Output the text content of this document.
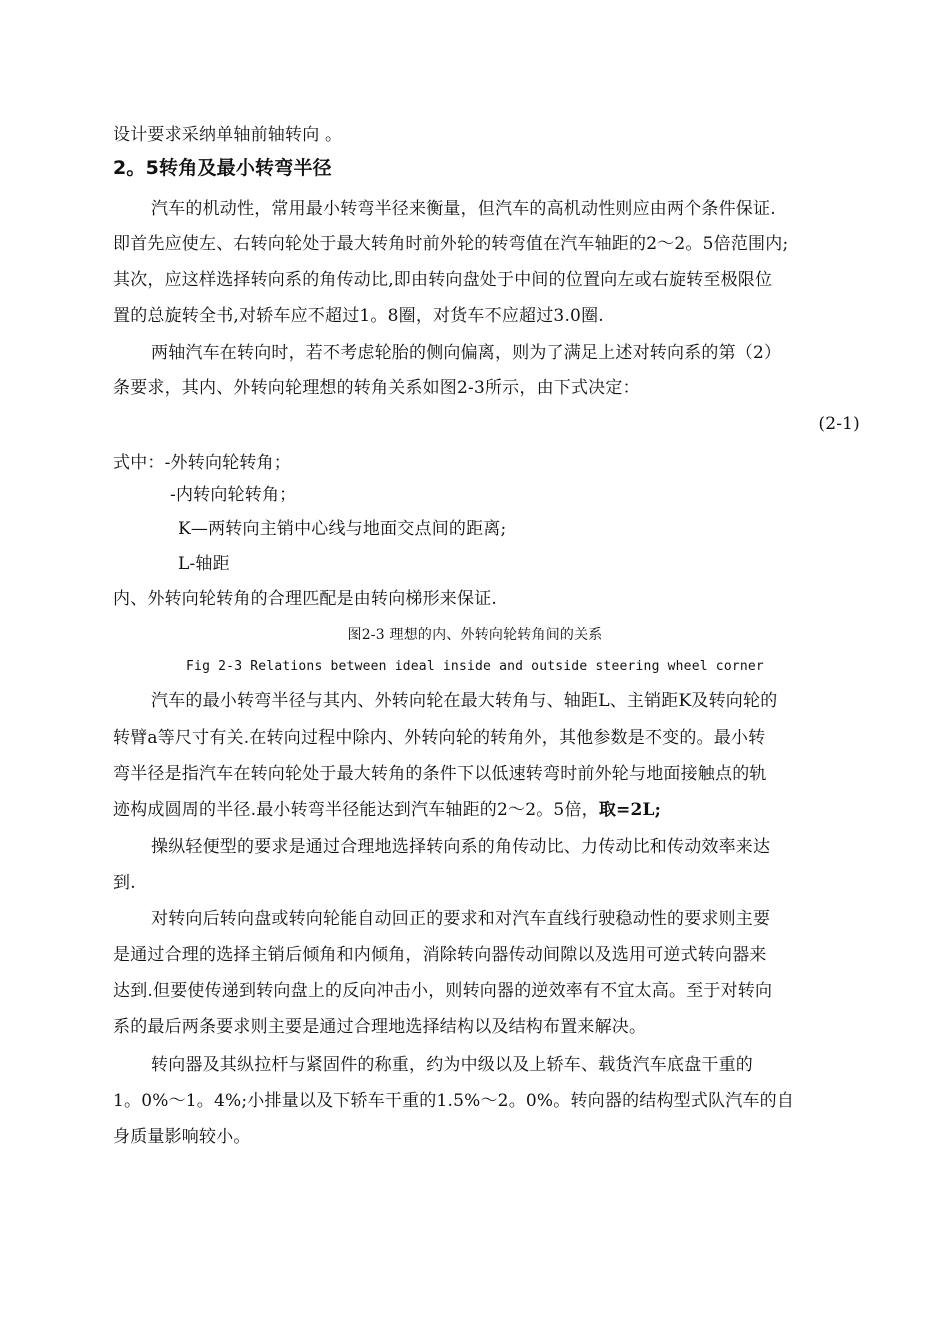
设计要求采纳单轴前轴转向 。
2。5转角及最小转弯半径
汽车的机动性，常用最小转弯半径来衡量，但汽车的高机动性则应由两个条件保证.
即首先应使左、右转向轮处于最大转角时前外轮的转弯值在汽车轴距的2～2。5倍范围内;
其次，应这样选择转向系的角传动比,即由转向盘处于中间的位置向左或右旋转至极限位
置的总旋转全书,对轿车应不超过1。8圈，对货车不应超过3.0圈.
两轴汽车在转向时，若不考虑轮胎的侧向偏离，则为了满足上述对转向系的第（2）
条要求，其内、外转向轮理想的转角关系如图2-3所示，由下式决定：
(2-1)
式中：-外转向轮转角；
-内转向轮转角；
K—两转向主销中心线与地面交点间的距离;
L-轴距
内、外转向轮转角的合理匹配是由转向梯形来保证.
图2-3 理想的内、外转向轮转角间的关系
Fig 2-3 Relations between ideal inside and outside steering wheel corner
汽车的最小转弯半径与其内、外转向轮在最大转角与、轴距L、主销距K及转向轮的
转臂a等尺寸有关.在转向过程中除内、外转向轮的转角外，其他参数是不变的。最小转
弯半径是指汽车在转向轮处于最大转角的条件下以低速转弯时前外轮与地面接触点的轨
迹构成圆周的半径.最小转弯半径能达到汽车轴距的2～2。5倍，取=2L;
操纵轻便型的要求是通过合理地选择转向系的角传动比、力传动比和传动效率来达
到.
对转向后转向盘或转向轮能自动回正的要求和对汽车直线行驶稳动性的要求则主要
是通过合理的选择主销后倾角和内倾角，消除转向器传动间隙以及选用可逆式转向器来
达到.但要使传递到转向盘上的反向冲击小，则转向器的逆效率有不宜太高。至于对转向
系的最后两条要求则主要是通过合理地选择结构以及结构布置来解决。
转向器及其纵拉杆与紧固件的称重，约为中级以及上轿车、载货汽车底盘干重的
1。0%～1。4%;小排量以及下轿车干重的1.5%～2。0%。转向器的结构型式队汽车的自
身质量影响较小。
